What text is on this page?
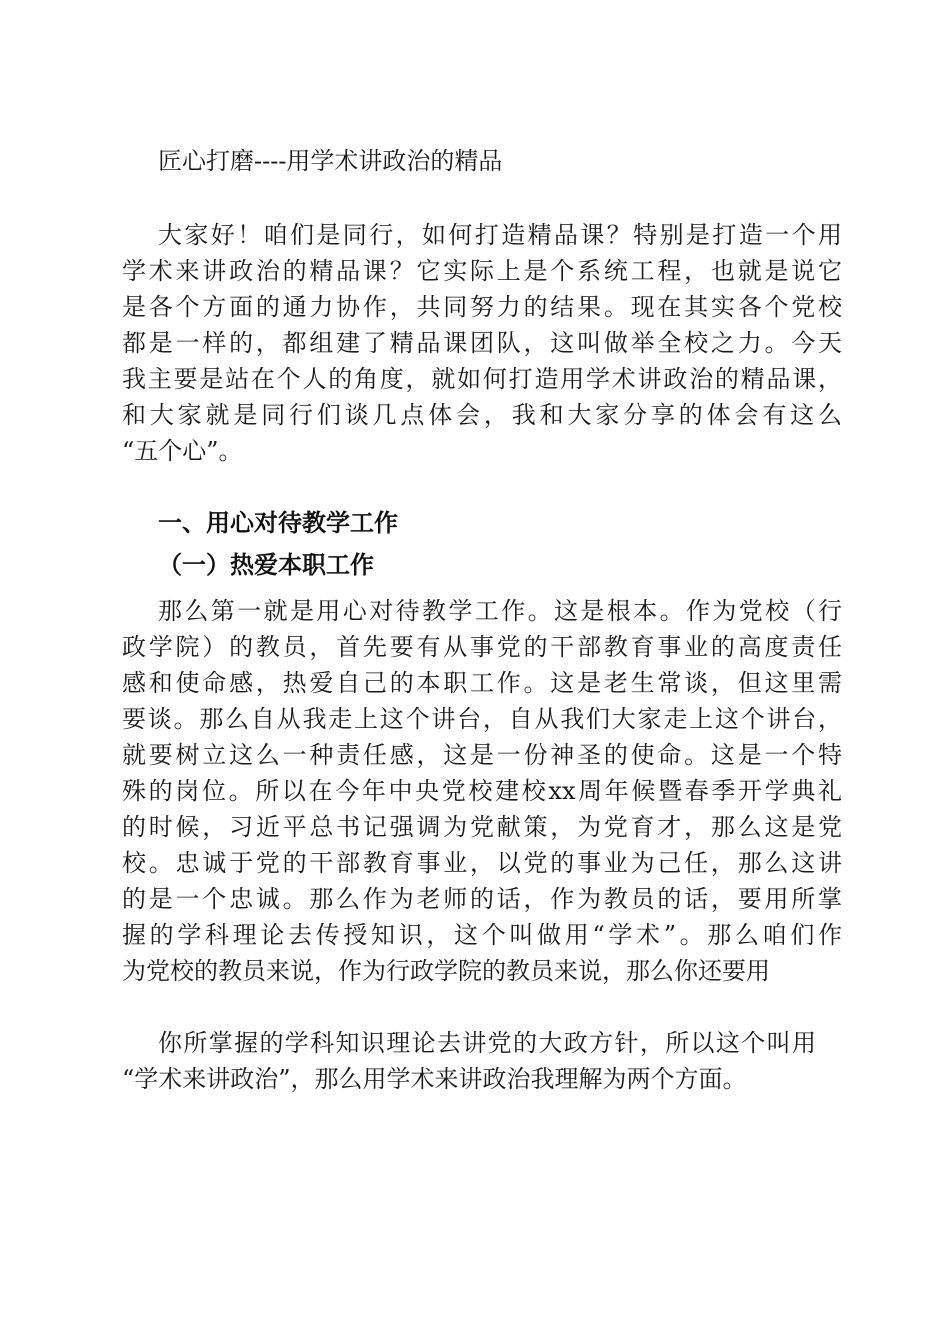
匠心打磨----用学术讲政治的精品
大家好！咱们是同行，如何打造精品课？特别是打造一个用
学术来讲政治的精品课？它实际上是个系统工程，也就是说它
是各个方面的通力协作，共同努力的结果。现在其实各个党校
都是一样的，都组建了精品课团队，这叫做举全校之力。今天
我主要是站在个人的角度，就如何打造用学术讲政治的精品课，
和大家就是同行们谈几点体会，我和大家分享的体会有这么
“五个心”。
一、用心对待教学工作
（一）热爱本职工作
那么第一就是用心对待教学工作。这是根本。作为党校（行
政学院）的教员，首先要有从事党的干部教育事业的高度责任
感和使命感，热爱自己的本职工作。这是老生常谈，但这里需
要谈。那么自从我走上这个讲台，自从我们大家走上这个讲台，
就要树立这么一种责任感，这是一份神圣的使命。这是一个特
殊的岗位。所以在今年中央党校建校xx周年候暨春季开学典礼
的时候，习近平总书记强调为党献策，为党育才，那么这是党
校。忠诚于党的干部教育事业，以党的事业为己任，那么这讲
的是一个忠诚。那么作为老师的话，作为教员的话，要用所掌
握的学科理论去传授知识，这个叫做用“学术”。那么咱们作
为党校的教员来说，作为行政学院的教员来说，那么你还要用
你所掌握的学科知识理论去讲党的大政方针，所以这个叫用
“学术来讲政治”，那么用学术来讲政治我理解为两个方面。
